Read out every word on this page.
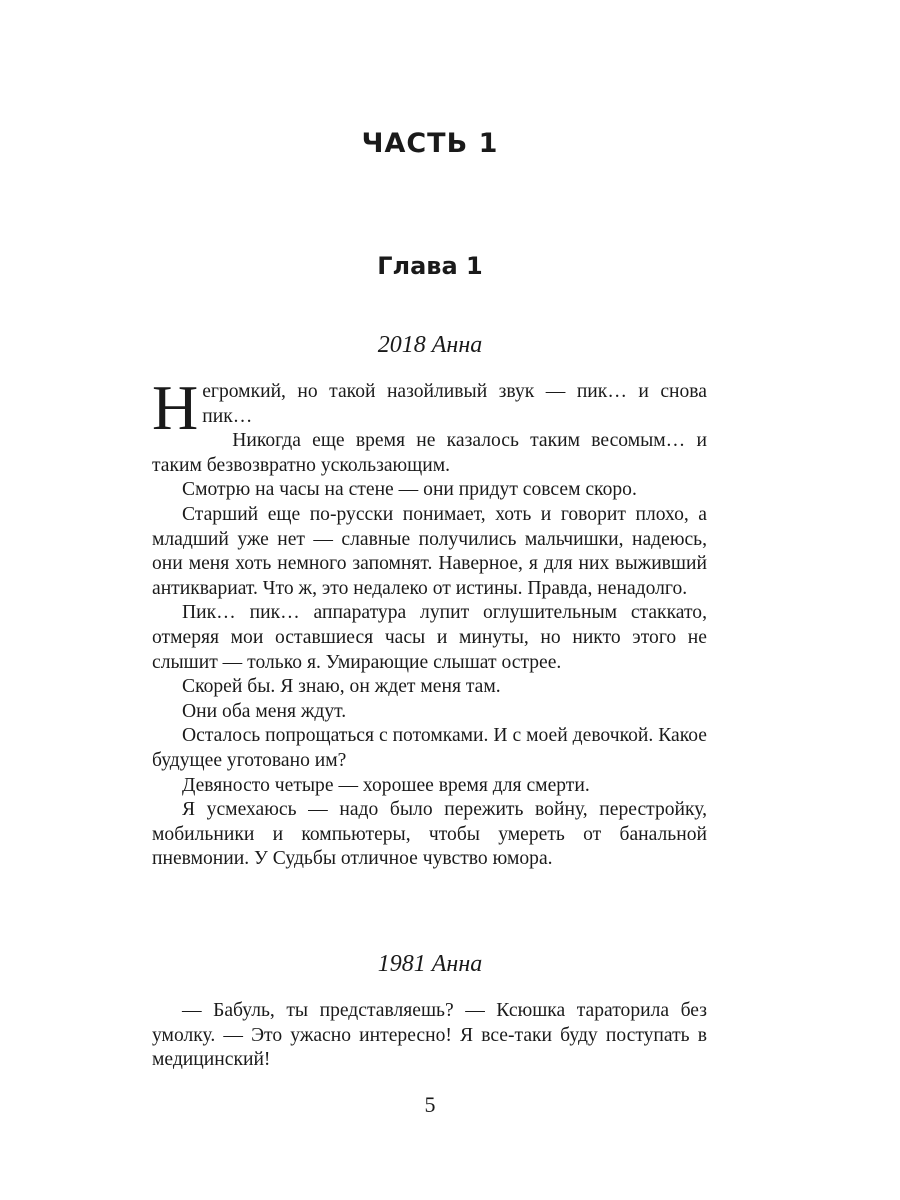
ЧАСТЬ 1
Глава 1
2018 Анна

Негромкий, но такой назойливый звук — пик… и снова пик…

Никогда еще время не казалось таким весомым… и таким безвозвратно ускользающим.

Смотрю на часы на стене — они придут совсем скоро.

Старший еще по-русски понимает, хоть и говорит плохо, а младший уже нет — славные получились мальчишки, надеюсь, они меня хоть немного запомнят. Наверное, я для них выживший антиквариат. Что ж, это недалеко от истины. Правда, ненадолго.

Пик… пик… аппаратура лупит оглушительным стаккато, отмеряя мои оставшиеся часы и минуты, но никто этого не слышит — только я. Умирающие слышат острее.

Скорей бы. Я знаю, он ждет меня там.

Они оба меня ждут.

Осталось попрощаться с потомками. И с моей девочкой. Какое будущее уготовано им?

Девяносто четыре — хорошее время для смерти.

Я усмехаюсь — надо было пережить войну, перестройку, мобильники и компьютеры, чтобы умереть от банальной пневмонии. У Судьбы отличное чувство юмора.

1981 Анна

— Бабуль, ты представляешь? — Ксюшка тараторила без умолку. — Это ужасно интересно! Я все-таки буду поступать в медицинский!

5
